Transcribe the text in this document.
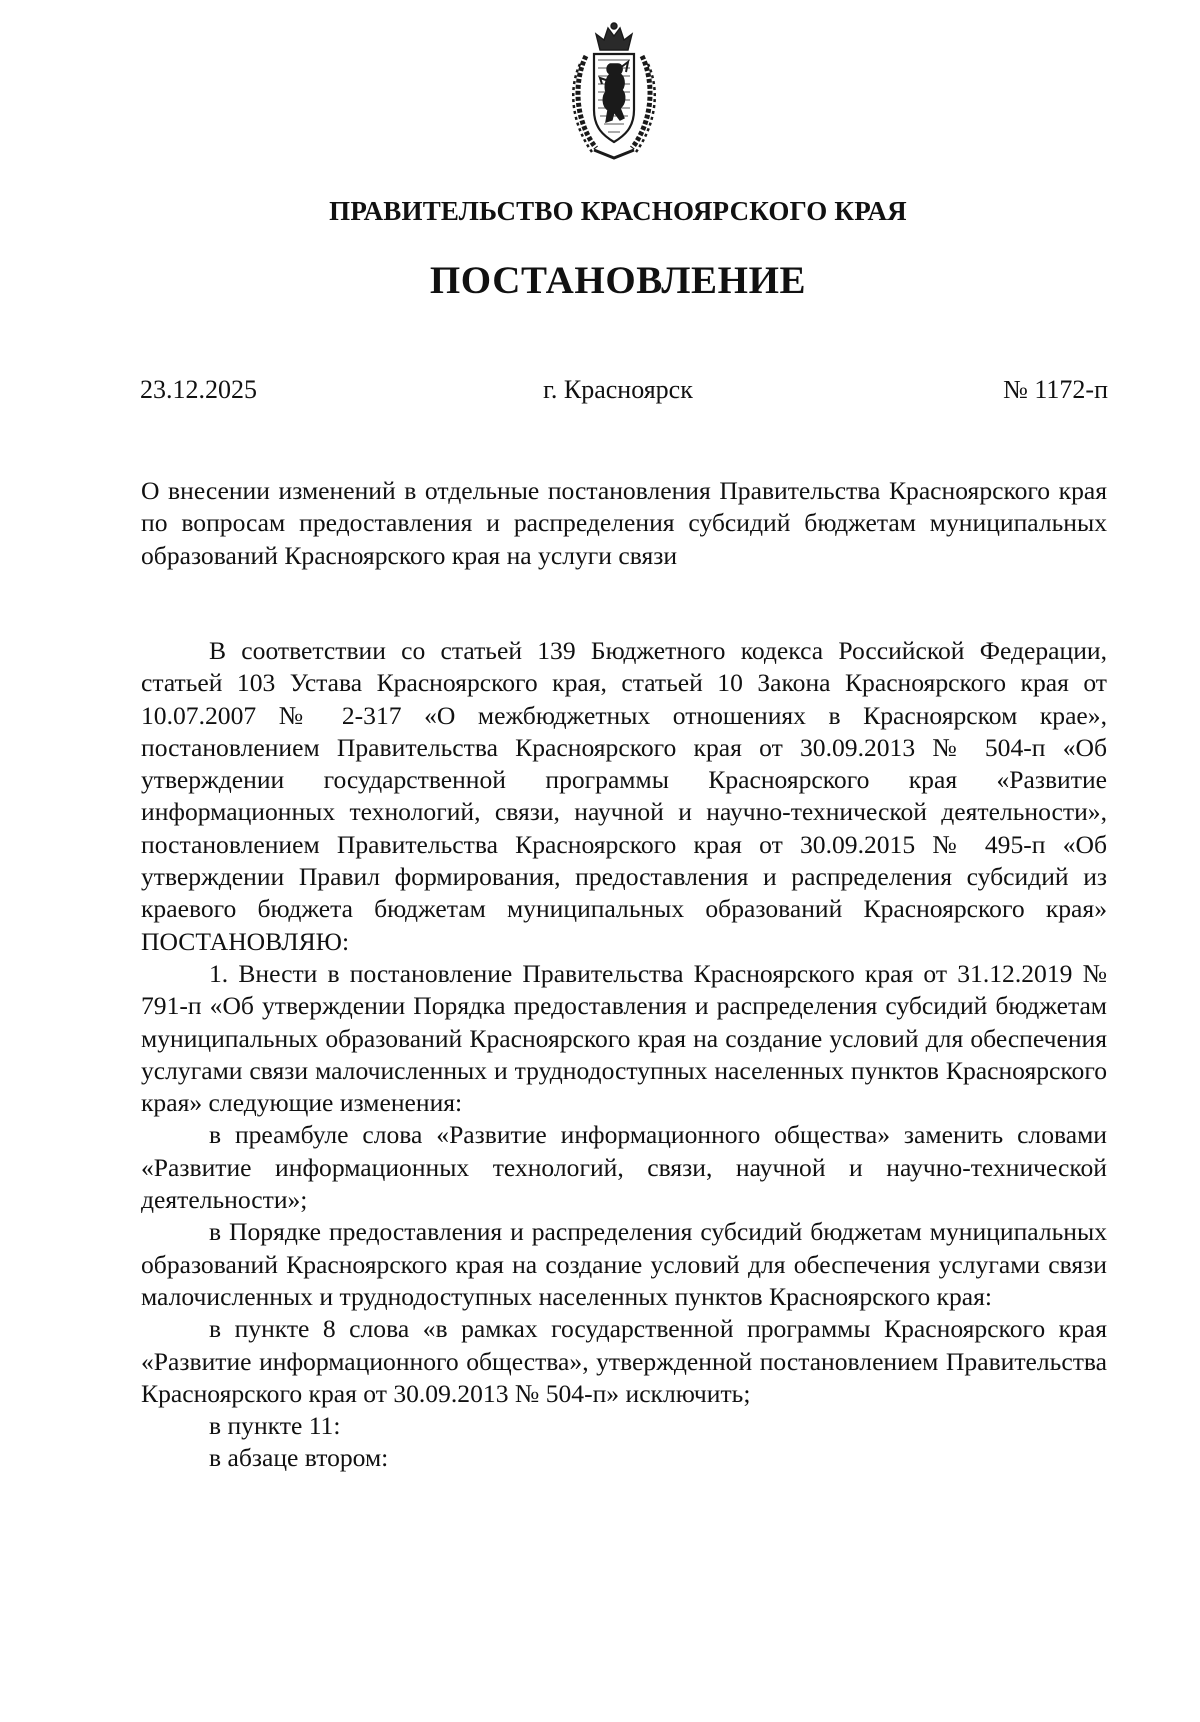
ПРАВИТЕЛЬСТВО КРАСНОЯРСКОГО КРАЯ
ПОСТАНОВЛЕНИЕ
23.12.2025	г. Красноярск	№ 1172-п
О внесении изменений в отдельные постановления Правительства Красноярского края по вопросам предоставления и распределения субсидий бюджетам муниципальных образований Красноярского края на услуги связи

В соответствии со статьей 139 Бюджетного кодекса Российской Федерации, статьей 103 Устава Красноярского края, статьей 10 Закона Красноярского края от 10.07.2007 № 2-317 «О межбюджетных отношениях в Красноярском крае», постановлением Правительства Красноярского края от 30.09.2013 № 504-п «Об утверждении государственной программы Красноярского края «Развитие информационных технологий, связи, научной и научно-технической деятельности», постановлением Правительства Красноярского края от 30.09.2015 № 495-п «Об утверждении Правил формирования, предоставления и распределения субсидий из краевого бюджета бюджетам муниципальных образований Красноярского края»

ПОСТАНОВЛЯЮ:

1. Внести в постановление Правительства Красноярского края от 31.12.2019 № 791-п «Об утверждении Порядка предоставления и распределения субсидий бюджетам муниципальных образований Красноярского края на создание условий для обеспечения услугами связи малочисленных и труднодоступных населенных пунктов Красноярского края» следующие изменения:

в преамбуле слова «Развитие информационного общества» заменить словами «Развитие информационных технологий, связи, научной и научно-технической деятельности»;

в Порядке предоставления и распределения субсидий бюджетам муниципальных образований Красноярского края на создание условий для обеспечения услугами связи малочисленных и труднодоступных населенных пунктов Красноярского края:

в пункте 8 слова «в рамках государственной программы Красноярского края «Развитие информационного общества», утвержденной постановлением Правительства Красноярского края от 30.09.2013 № 504-п» исключить;

в пункте 11:

в абзаце втором:
